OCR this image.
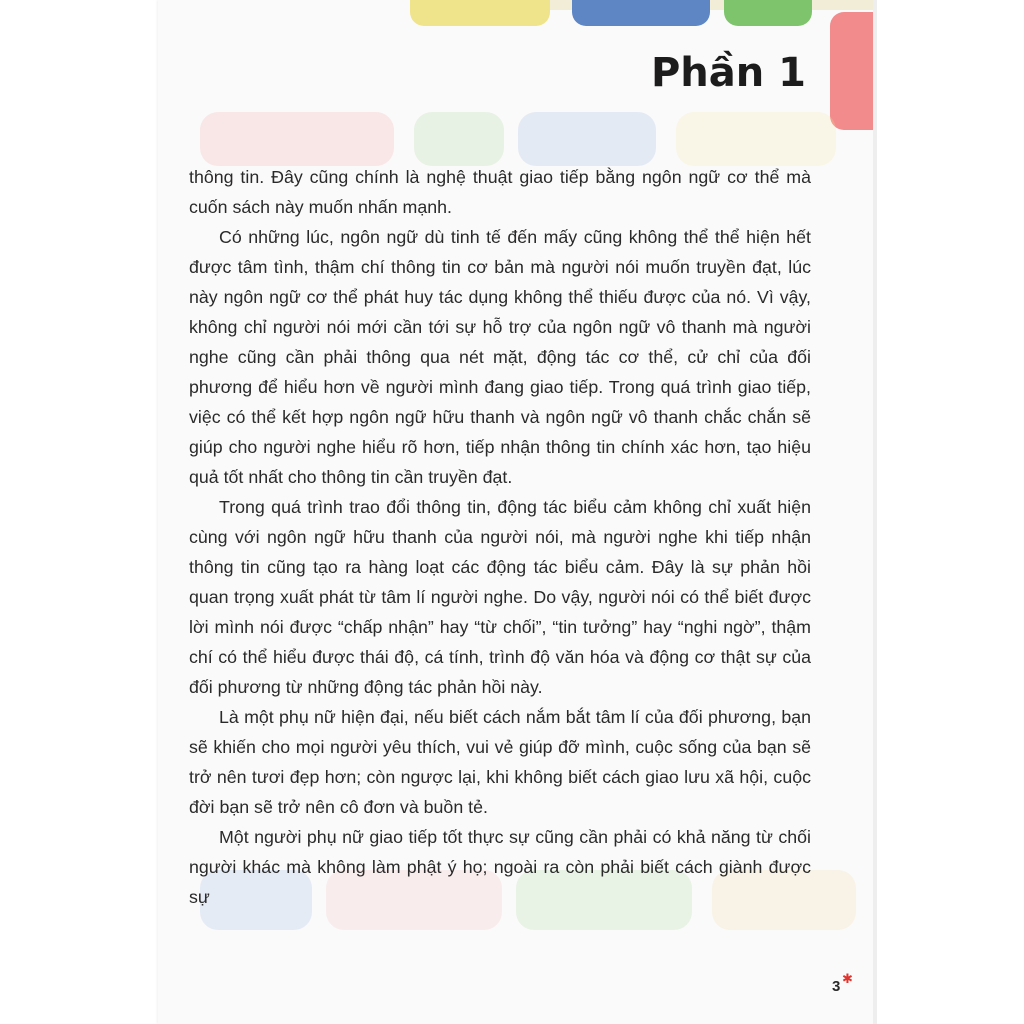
Phần 1

thông tin. Đây cũng chính là nghệ thuật giao tiếp bằng ngôn ngữ cơ thể mà cuốn sách này muốn nhấn mạnh.

Có những lúc, ngôn ngữ dù tinh tế đến mấy cũng không thể thể hiện hết được tâm tình, thậm chí thông tin cơ bản mà người nói muốn truyền đạt, lúc này ngôn ngữ cơ thể phát huy tác dụng không thể thiếu được của nó. Vì vậy, không chỉ người nói mới cần tới sự hỗ trợ của ngôn ngữ vô thanh mà người nghe cũng cần phải thông qua nét mặt, động tác cơ thể, cử chỉ của đối phương để hiểu hơn về người mình đang giao tiếp. Trong quá trình giao tiếp, việc có thể kết hợp ngôn ngữ hữu thanh và ngôn ngữ vô thanh chắc chắn sẽ giúp cho người nghe hiểu rõ hơn, tiếp nhận thông tin chính xác hơn, tạo hiệu quả tốt nhất cho thông tin cần truyền đạt.

Trong quá trình trao đổi thông tin, động tác biểu cảm không chỉ xuất hiện cùng với ngôn ngữ hữu thanh của người nói, mà người nghe khi tiếp nhận thông tin cũng tạo ra hàng loạt các động tác biểu cảm. Đây là sự phản hồi quan trọng xuất phát từ tâm lí người nghe. Do vậy, người nói có thể biết được lời mình nói được “chấp nhận” hay “từ chối”, “tin tưởng” hay “nghi ngờ”, thậm chí có thể hiểu được thái độ, cá tính, trình độ văn hóa và động cơ thật sự của đối phương từ những động tác phản hồi này.

Là một phụ nữ hiện đại, nếu biết cách nắm bắt tâm lí của đối phương, bạn sẽ khiến cho mọi người yêu thích, vui vẻ giúp đỡ mình, cuộc sống của bạn sẽ trở nên tươi đẹp hơn; còn ngược lại, khi không biết cách giao lưu xã hội, cuộc đời bạn sẽ trở nên cô đơn và buồn tẻ.

Một người phụ nữ giao tiếp tốt thực sự cũng cần phải có khả năng từ chối người khác mà không làm phật ý họ; ngoài ra còn phải biết cách giành được sự

3 ✱
